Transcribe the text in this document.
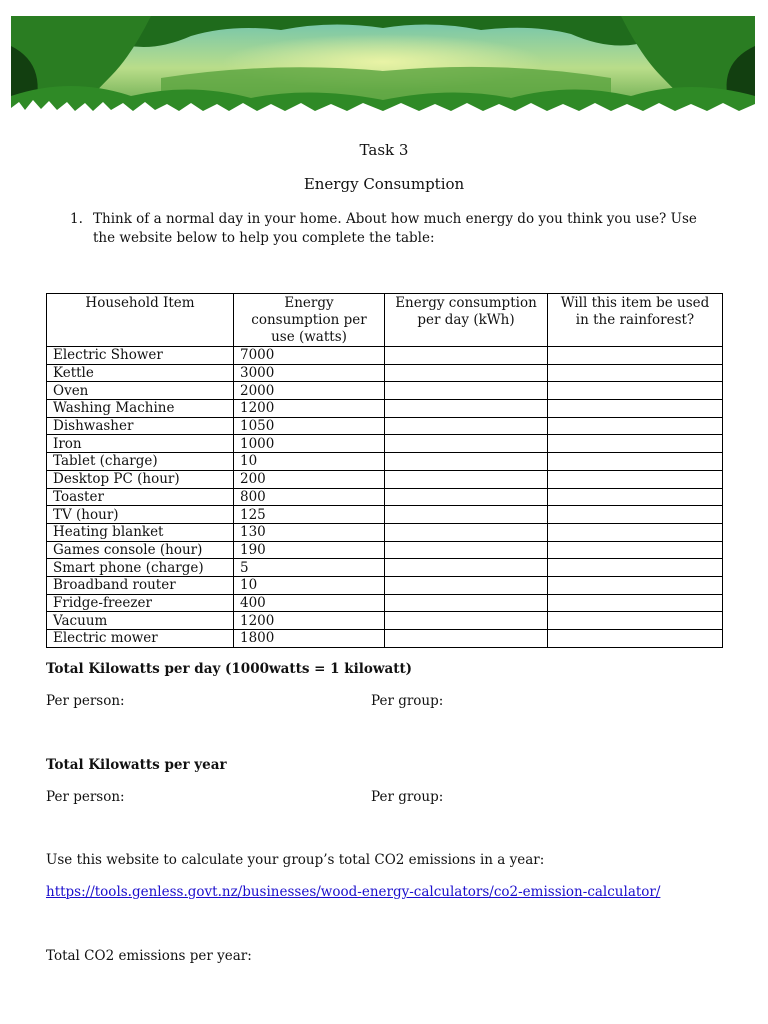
Task 3
Energy Consumption
1. Think of a normal day in your home. About how much energy do you think you use? Use the website below to help you complete the table:
Household Item	Energy consumption per use (watts)	Energy consumption per day (kWh)	Will this item be used in the rainforest?
Electric Shower	7000		
Kettle	3000		
Oven	2000		
Washing Machine	1200		
Dishwasher	1050		
Iron	1000		
Tablet (charge)	10		
Desktop PC (hour)	200		
Toaster	800		
TV (hour)	125		
Heating blanket	130		
Games console (hour)	190		
Smart phone (charge)	5		
Broadband router	10		
Fridge-freezer	400		
Vacuum	1200		
Electric mower	1800		
Total Kilowatts per day (1000watts = 1 kilowatt)
Per person:	Per group:
Total Kilowatts per year
Per person:	Per group:
Use this website to calculate your group’s total CO2 emissions in a year:
https://tools.genless.govt.nz/businesses/wood-energy-calculators/co2-emission-calculator/
Total CO2 emissions per year:
